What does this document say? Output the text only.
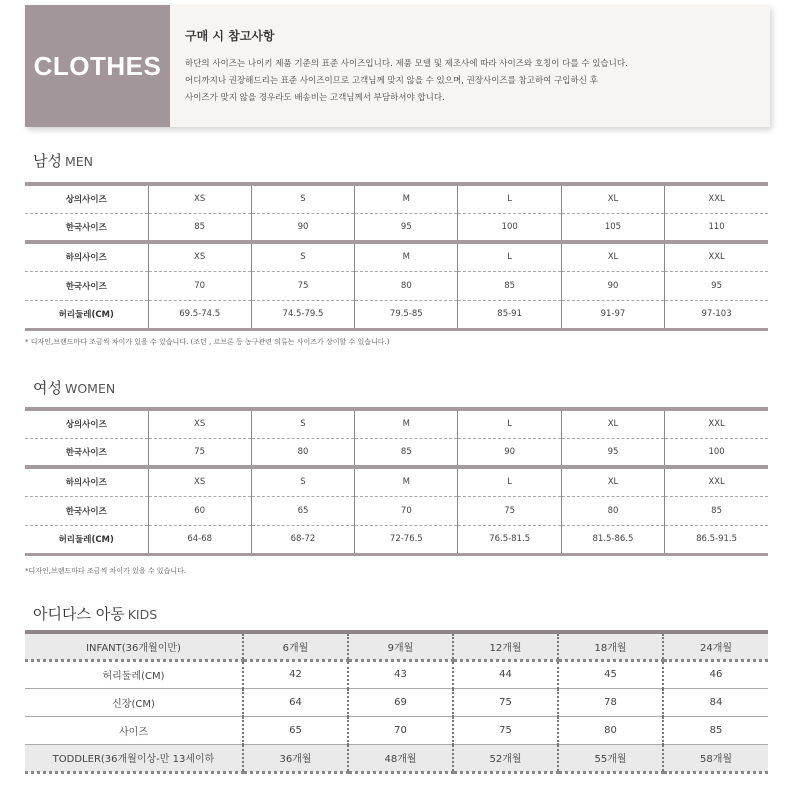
CLOTHES
구매 시 참고사항
하단의 사이즈는 나이키 제품 기준의 표준 사이즈입니다. 제품 모델 및 제조사에 따라 사이즈와 호칭이 다를 수 있습니다.
어디까지나 권장해드리는 표준 사이즈이므로 고객님께 맞지 않을 수 있으며, 권장사이즈를 참고하여 구입하신 후
사이즈가 맞지 않을 경우라도 배송비는 고객님께서 부담하셔야 합니다.
남성 MEN
상의사이즈	XS	S	M	L	XL	XXL
한국사이즈	85	90	95	100	105	110
하의사이즈	XS	S	M	L	XL	XXL
한국사이즈	70	75	80	85	90	95
허리둘레(CM)	69.5-74.5	74.5-79.5	79.5-85	85-91	91-97	97-103
* 디자인,브랜드마다 조금씩 차이가 있을 수 있습니다. (조던 , 르브론 등 농구관련 의류는 사이즈가 상이할 수 있습니다.)
여성 WOMEN
상의사이즈	XS	S	M	L	XL	XXL
한국사이즈	75	80	85	90	95	100
하의사이즈	XS	S	M	L	XL	XXL
한국사이즈	60	65	70	75	80	85
허리둘레(CM)	64-68	68-72	72-76.5	76.5-81.5	81.5-86.5	86.5-91.5
*디자인,브랜드마다 조금씩 차이가 있을 수 있습니다.
아디다스 아동 KIDS
INFANT(36개월이만)	6개월	9개월	12개월	18개월	24개월
허리둘레(CM)	42	43	44	45	46
신장(CM)	64	69	75	78	84
사이즈	65	70	75	80	85
TODDLER(36개월이상-만 13세이하	36개월	48개월	52개월	55개월	58개월
